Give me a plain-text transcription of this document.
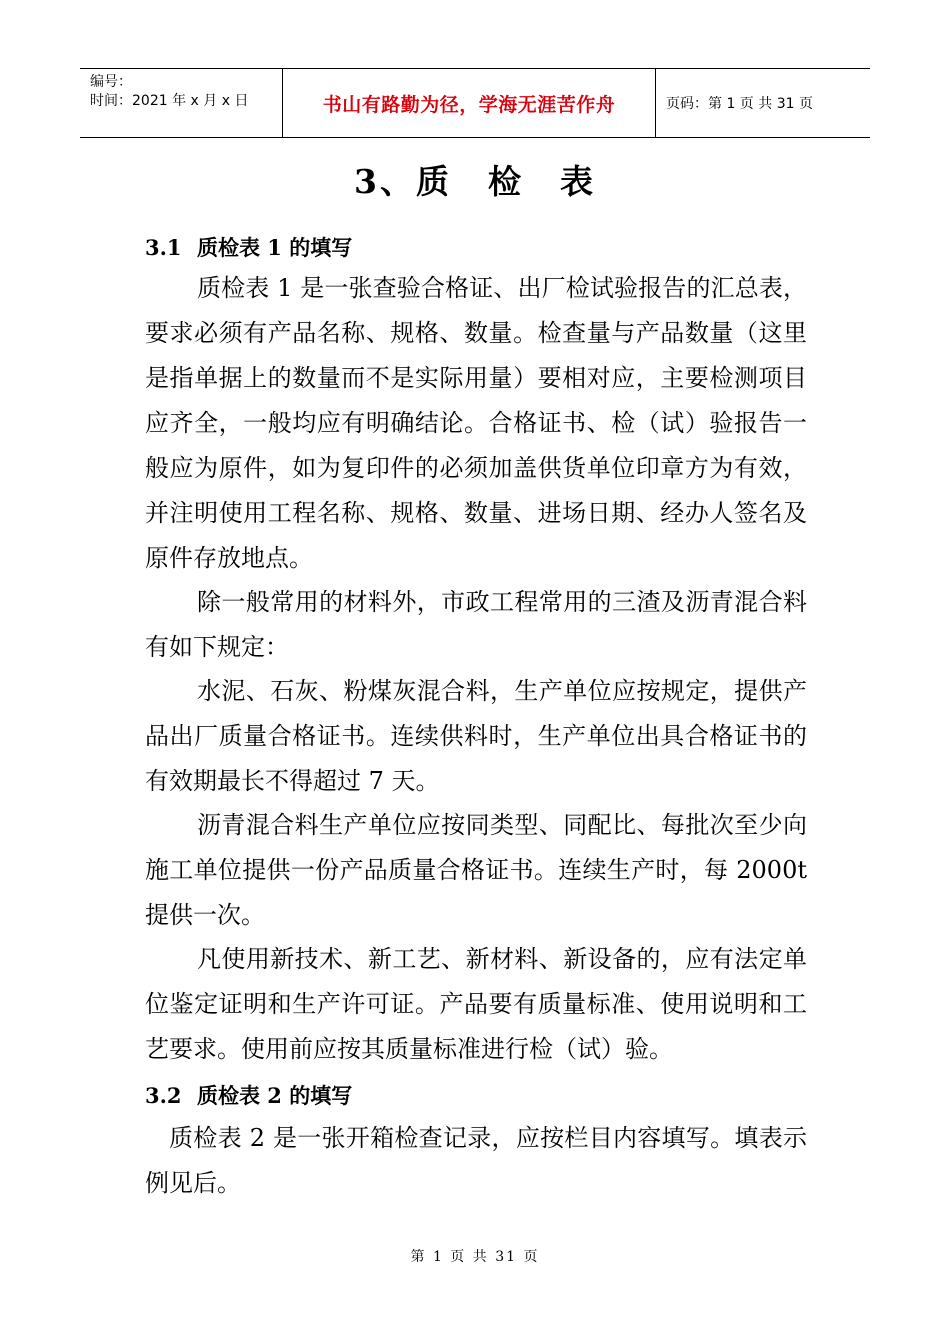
编号：
时间：2021 年 x 月 x 日	书山有路勤为径，学海无涯苦作舟	页码：第 1 页 共 31 页
3、质　检　表
3.1 质检表 1 的填写

质检表 1 是一张查验合格证、出厂检试验报告的汇总表，要求必须有产品名称、规格、数量。检查量与产品数量（这里是指单据上的数量而不是实际用量）要相对应，主要检测项目应齐全，一般均应有明确结论。合格证书、检（试）验报告一般应为原件，如为复印件的必须加盖供货单位印章方为有效，并注明使用工程名称、规格、数量、进场日期、经办人签名及原件存放地点。

除一般常用的材料外，市政工程常用的三渣及沥青混合料有如下规定：

水泥、石灰、粉煤灰混合料，生产单位应按规定，提供产品出厂质量合格证书。连续供料时，生产单位出具合格证书的有效期最长不得超过 7 天。

沥青混合料生产单位应按同类型、同配比、每批次至少向施工单位提供一份产品质量合格证书。连续生产时，每 2000t 提供一次。

凡使用新技术、新工艺、新材料、新设备的，应有法定单位鉴定证明和生产许可证。产品要有质量标准、使用说明和工艺要求。使用前应按其质量标准进行检（试）验。

3.2 质检表 2 的填写

质检表 2 是一张开箱检查记录，应按栏目内容填写。填表示例见后。

第 1 页 共 31 页
